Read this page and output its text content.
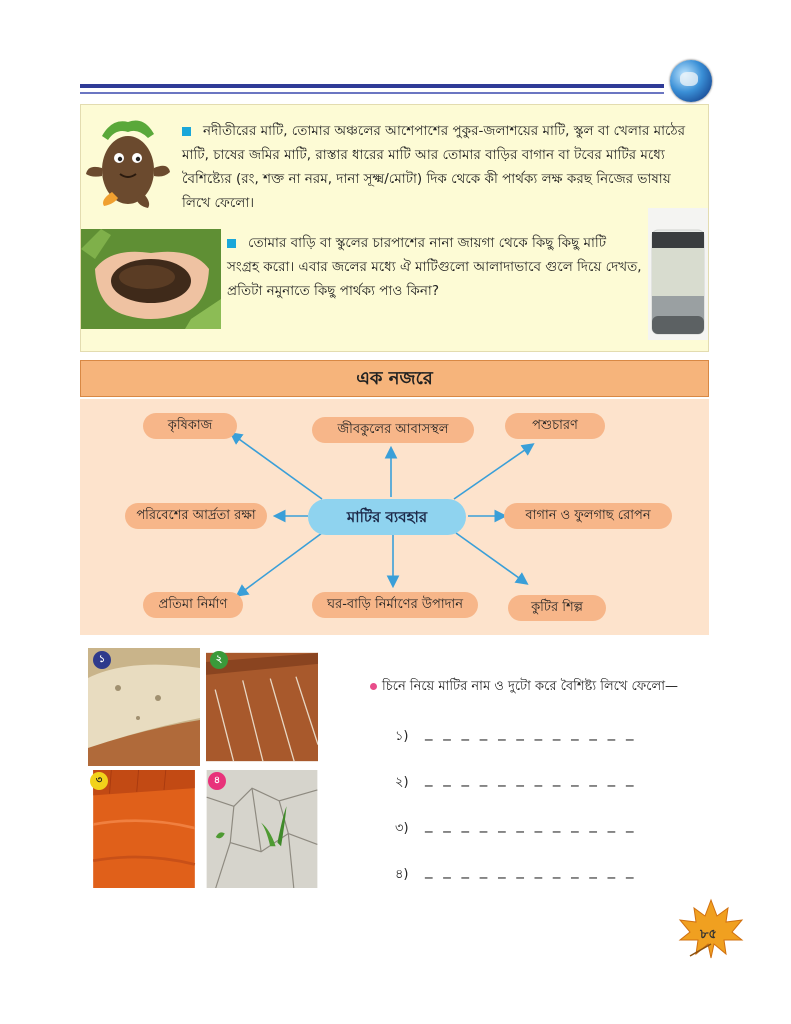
নদীতীরের মাটি, তোমার অঞ্চলের আশেপাশের পুকুর-জলাশয়ের মাটি, স্কুল বা খেলার মাঠের মাটি, চাষের জমির মাটি, রাস্তার ধারের মাটি আর তোমার বাড়ির বাগান বা টবের মাটির মধ্যে বৈশিষ্ট্যের (রং, শক্ত না নরম, দানা সূক্ষ্ম/মোটা) দিক থেকে কী পার্থক্য লক্ষ করছ নিজের ভাষায় লিখে ফেলো।
তোমার বাড়ি বা স্কুলের চারপাশের নানা জায়গা থেকে কিছু কিছু মাটি সংগ্রহ করো। এবার জলের মধ্যে ঐ মাটিগুলো আলাদাভাবে গুলে দিয়ে দেখত, প্রতিটা নমুনাতে কিছু পার্থক্য পাও কিনা?
এক নজরে
মাটির ব্যবহার
কৃষিকাজ	জীবকুলের আবাসস্থল	পশুচারণ
পরিবেশের আর্দ্রতা রক্ষা	বাগান ও ফুলগাছ রোপন
প্রতিমা নির্মাণ	ঘর-বাড়ি নির্মাণের উপাদান	কুটির শিল্প
১	২
৩	৪
চিনে নিয়ে মাটির নাম ও দুটো করে বৈশিষ্ট্য লিখে ফেলো—
১) _ _ _ _ _ _ _ _ _ _ _ _
২) _ _ _ _ _ _ _ _ _ _ _ _
৩) _ _ _ _ _ _ _ _ _ _ _ _
৪) _ _ _ _ _ _ _ _ _ _ _ _
৮৫
